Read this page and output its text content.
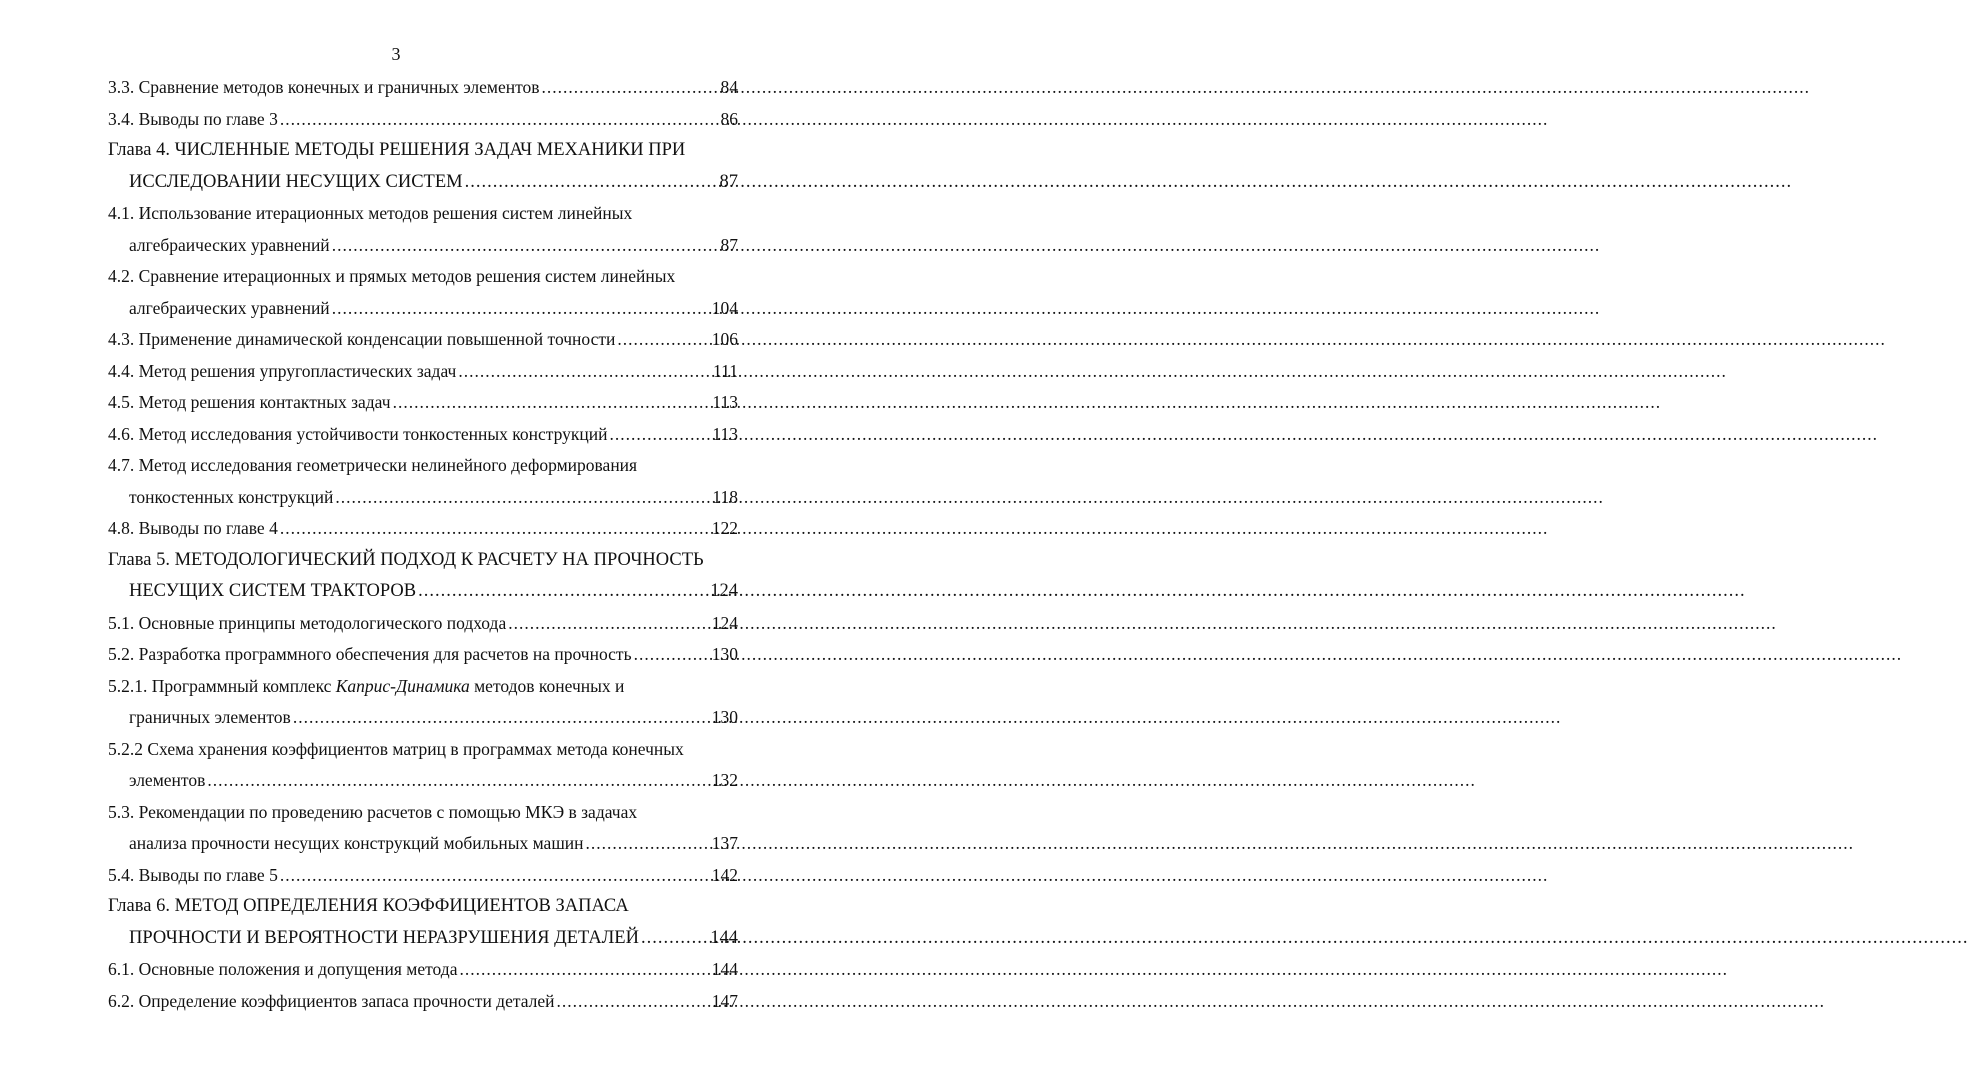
3
3.3. Сравнение методов конечных и граничных элементов .....	84
3.4. Выводы по главе 3 .....	86
Глава 4. ЧИСЛЕННЫЕ МЕТОДЫ РЕШЕНИЯ ЗАДАЧ МЕХАНИКИ ПРИ
ИССЛЕДОВАНИИ НЕСУЩИХ СИСТЕМ .....	87
4.1. Использование итерационных методов решения систем линейных
алгебраических уравнений .....	87
4.2. Сравнение итерационных и прямых методов решения систем линейных
алгебраических уравнений .....	104
4.3. Применение динамической конденсации повышенной точности .....	106
4.4. Метод решения упругопластических задач .....	111
4.5. Метод решения контактных задач .....	113
4.6. Метод исследования устойчивости тонкостенных конструкций .....	113
4.7. Метод исследования геометрически нелинейного деформирования
тонкостенных конструкций .....	118
4.8. Выводы по главе 4 .....	122
Глава 5. МЕТОДОЛОГИЧЕСКИЙ ПОДХОД К РАСЧЕТУ НА ПРОЧНОСТЬ
НЕСУЩИХ СИСТЕМ ТРАКТОРОВ .....	124
5.1. Основные принципы методологического подхода .....	124
5.2. Разработка программного обеспечения для расчетов на прочность .....	130
5.2.1. Программный комплекс Каприс-Динамика методов конечных и
граничных элементов .....	130
5.2.2 Схема хранения коэффициентов матриц в программах метода конечных
элементов .....	132
5.3. Рекомендации по проведению расчетов с помощью МКЭ в задачах
анализа прочности несущих конструкций мобильных машин .....	137
5.4. Выводы по главе 5 .....	142
Глава 6. МЕТОД ОПРЕДЕЛЕНИЯ КОЭФФИЦИЕНТОВ ЗАПАСА
ПРОЧНОСТИ И ВЕРОЯТНОСТИ НЕРАЗРУШЕНИЯ ДЕТАЛЕЙ .....	144
6.1. Основные положения и допущения метода .....	144
6.2. Определение коэффициентов запаса прочности деталей .....	147
